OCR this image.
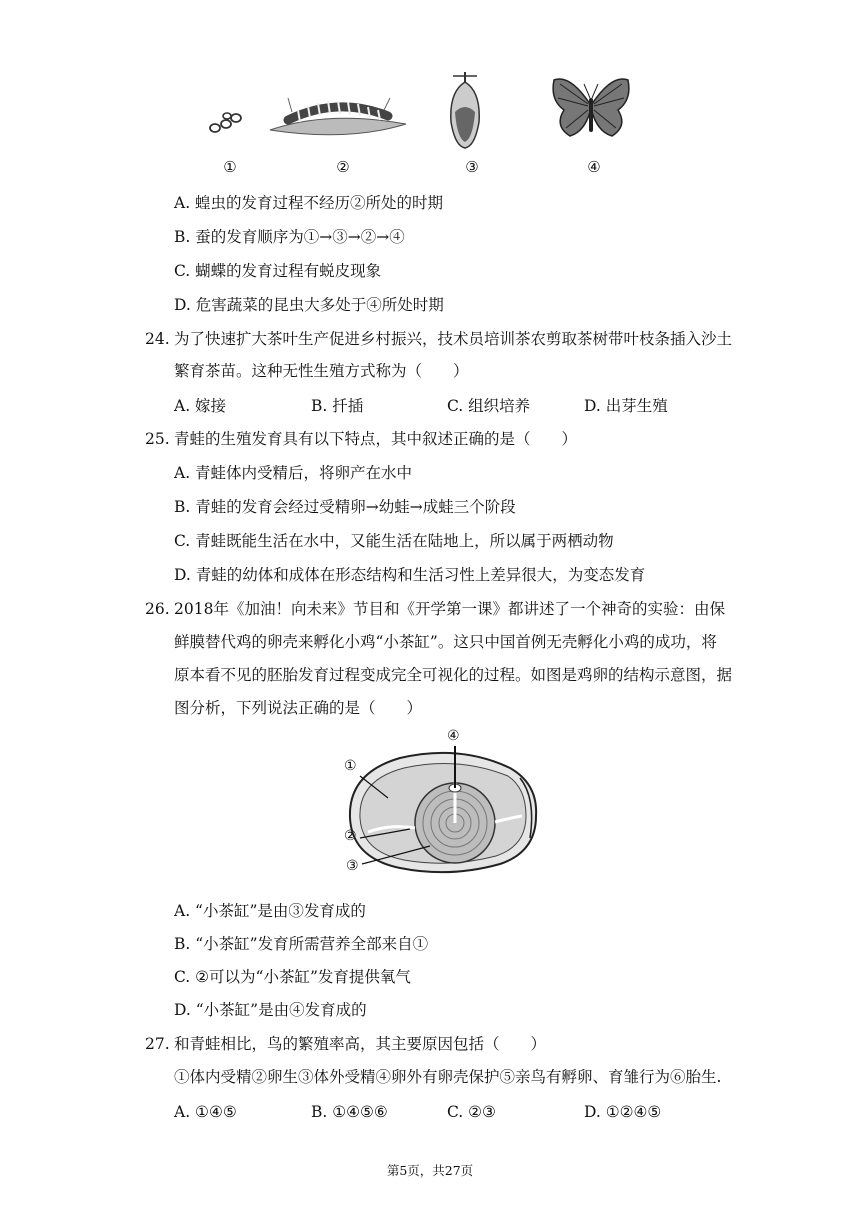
①	②	③	④
A. 蝗虫的发育过程不经历②所处的时期
B. 蚕的发育顺序为①→③→②→④
C. 蝴蝶的发育过程有蜕皮现象
D. 危害蔬菜的昆虫大多处于④所处时期
24. 为了快速扩大茶叶生产促进乡村振兴，技术员培训茶农剪取茶树带叶枝条插入沙土
繁育茶苗。这种无性生殖方式称为（　　）
A. 嫁接	B. 扦插	C. 组织培养	D. 出芽生殖
25. 青蛙的生殖发育具有以下特点，其中叙述正确的是（　　）
A. 青蛙体内受精后，将卵产在水中
B. 青蛙的发育会经过受精卵→幼蛙→成蛙三个阶段
C. 青蛙既能生活在水中，又能生活在陆地上，所以属于两栖动物
D. 青蛙的幼体和成体在形态结构和生活习性上差异很大，为变态发育
26. 2018年《加油！向未来》节目和《开学第一课》都讲述了一个神奇的实验：由保
鲜膜替代鸡的卵壳来孵化小鸡“小茶缸”。这只中国首例无壳孵化小鸡的成功，将
原本看不见的胚胎发育过程变成完全可视化的过程。如图是鸡卵的结构示意图，据
图分析，下列说法正确的是（　　）
①
②
③
④
A. “小茶缸”是由③发育成的
B. “小茶缸”发育所需营养全部来自①
C. ②可以为“小茶缸”发育提供氧气
D. “小茶缸”是由④发育成的
27. 和青蛙相比，鸟的繁殖率高，其主要原因包括（　　）
①体内受精②卵生③体外受精④卵外有卵壳保护⑤亲鸟有孵卵、育雏行为⑥胎生.
A. ①④⑤	B. ①④⑤⑥	C. ②③	D. ①②④⑤
第5页，共27页
